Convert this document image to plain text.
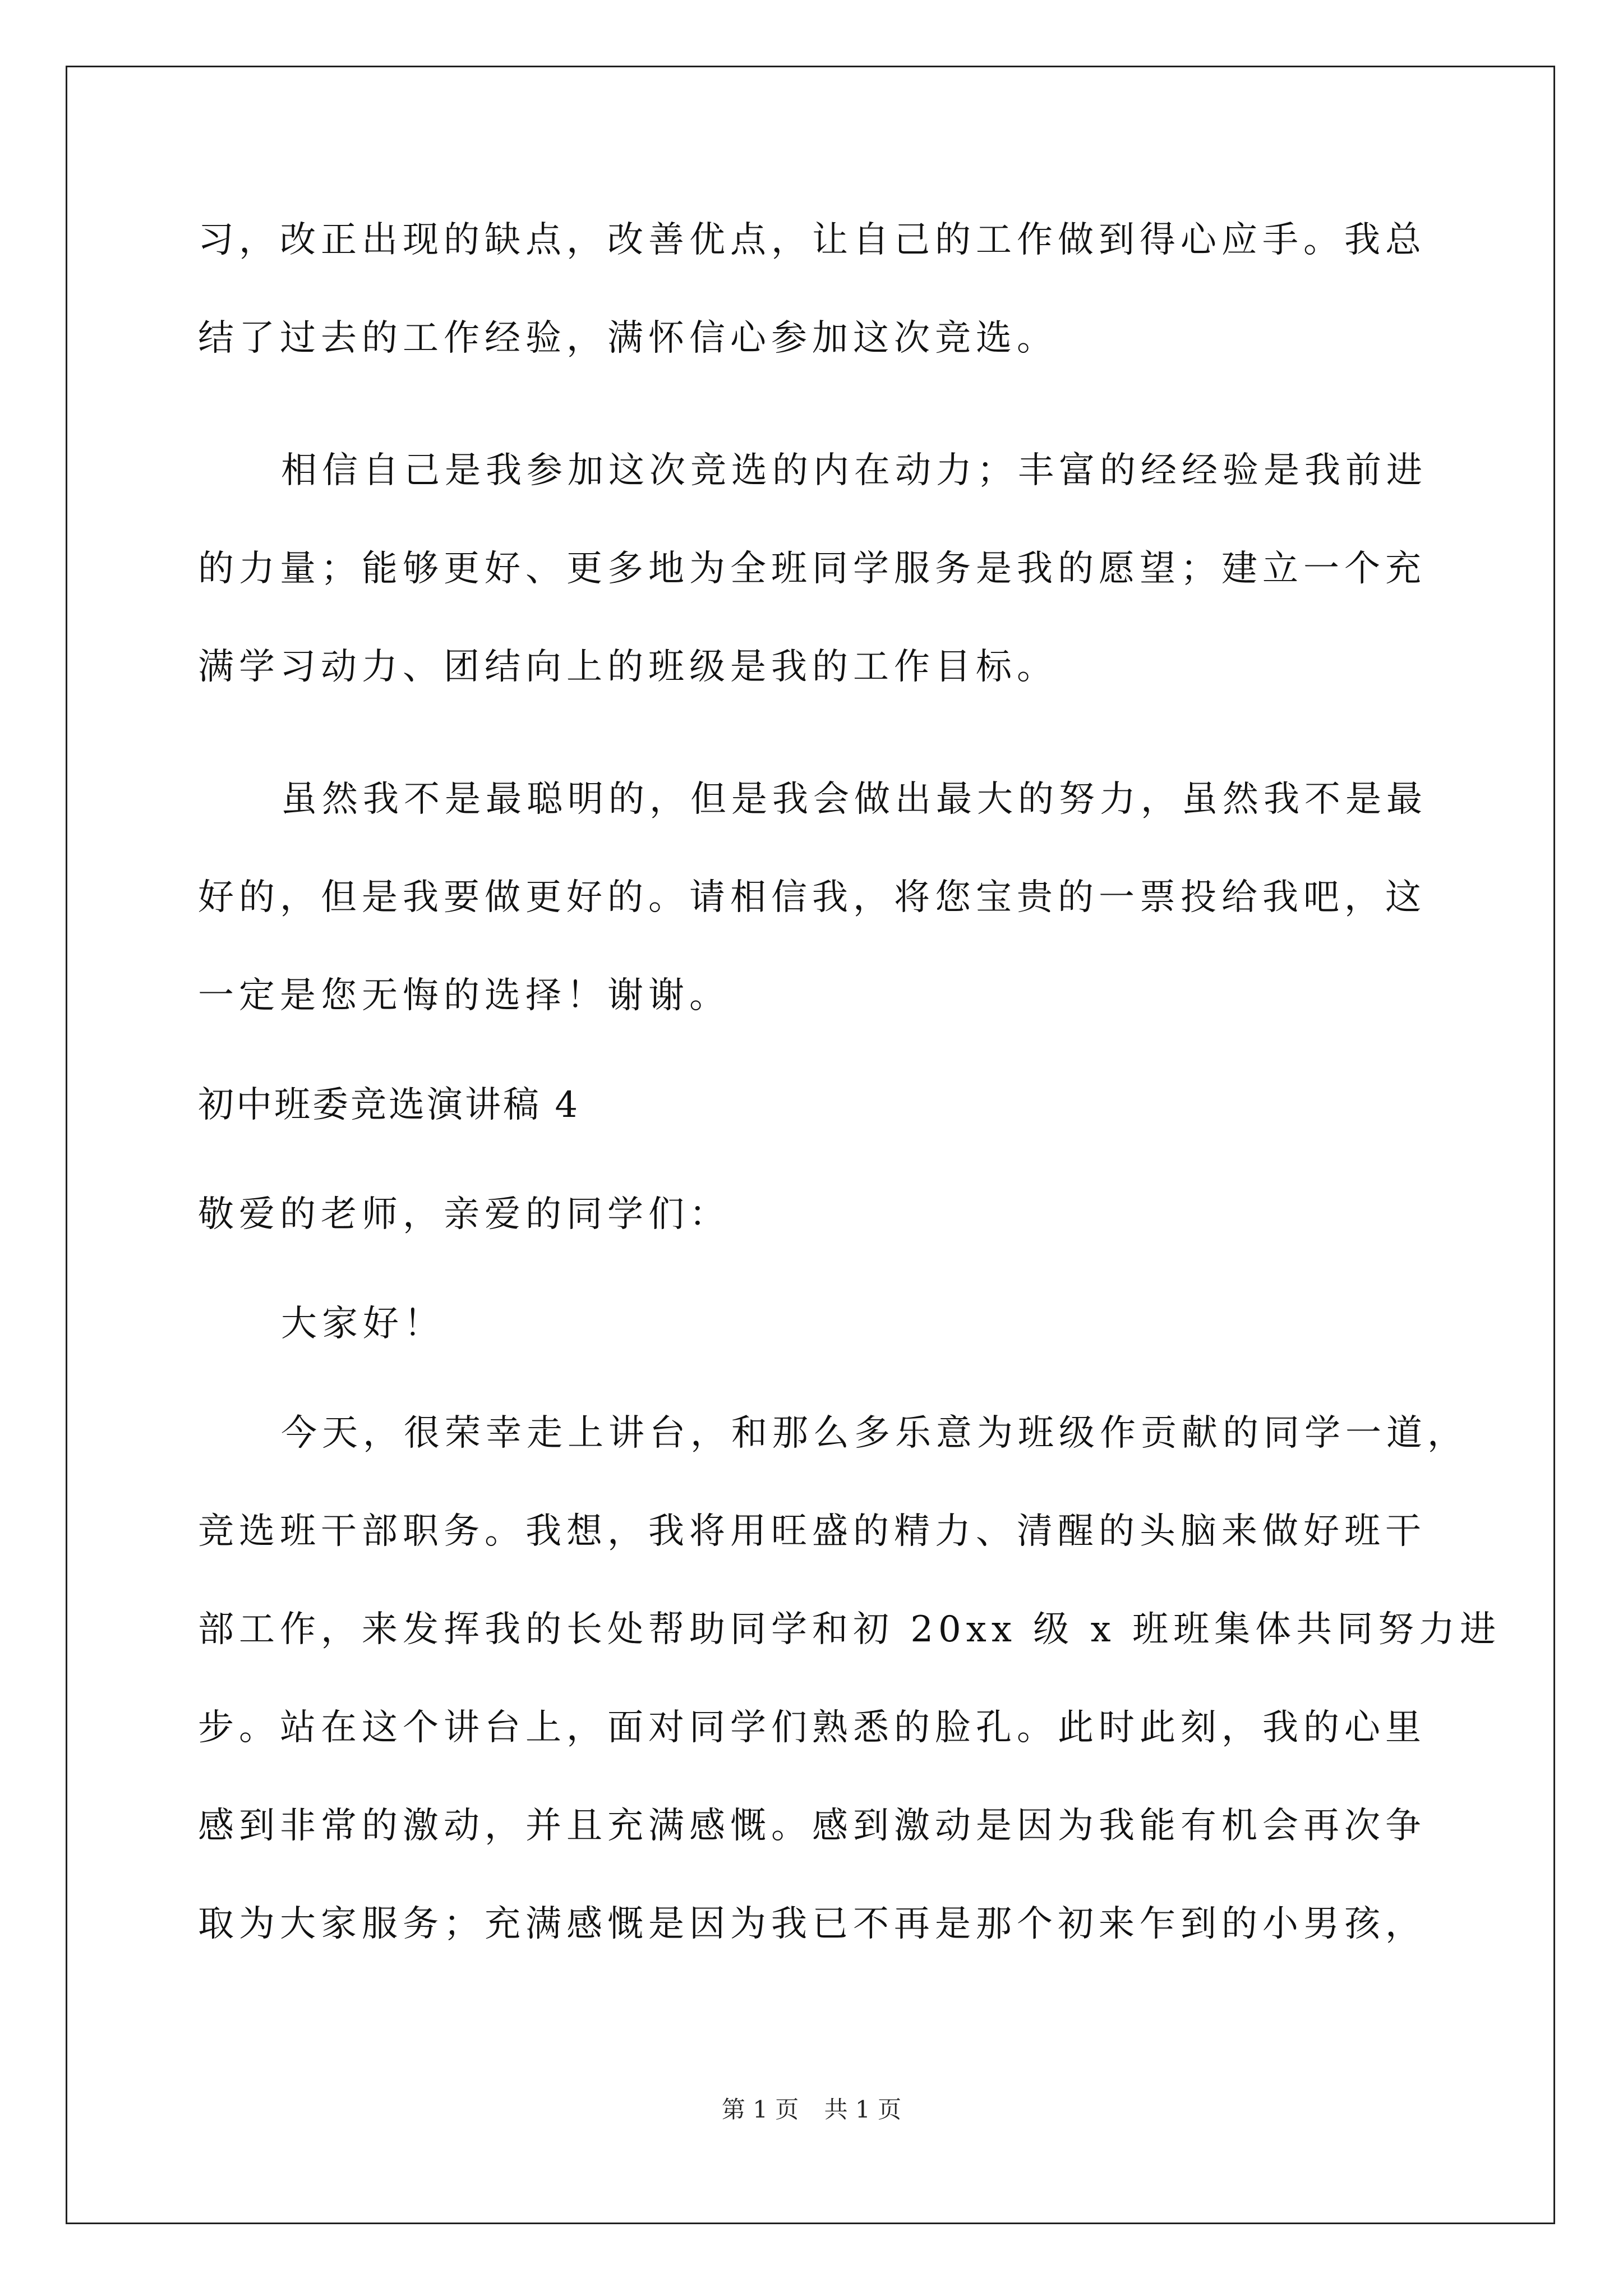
习，改正出现的缺点，改善优点，让自己的工作做到得心应手。我总
结了过去的工作经验，满怀信心参加这次竞选。
相信自己是我参加这次竞选的内在动力；丰富的经经验是我前进
的力量；能够更好、更多地为全班同学服务是我的愿望；建立一个充
满学习动力、团结向上的班级是我的工作目标。
虽然我不是最聪明的，但是我会做出最大的努力，虽然我不是最
好的，但是我要做更好的。请相信我，将您宝贵的一票投给我吧，这
一定是您无悔的选择！谢谢。
初中班委竞选演讲稿 4
敬爱的老师，亲爱的同学们：
大家好！
今天，很荣幸走上讲台，和那么多乐意为班级作贡献的同学一道，
竞选班干部职务。我想，我将用旺盛的精力、清醒的头脑来做好班干
部工作，来发挥我的长处帮助同学和初 20xx 级 x 班班集体共同努力进
步。站在这个讲台上，面对同学们熟悉的脸孔。此时此刻，我的心里
感到非常的激动，并且充满感慨。感到激动是因为我能有机会再次争
取为大家服务；充满感慨是因为我已不再是那个初来乍到的小男孩，
第 1 页 共 1 页
